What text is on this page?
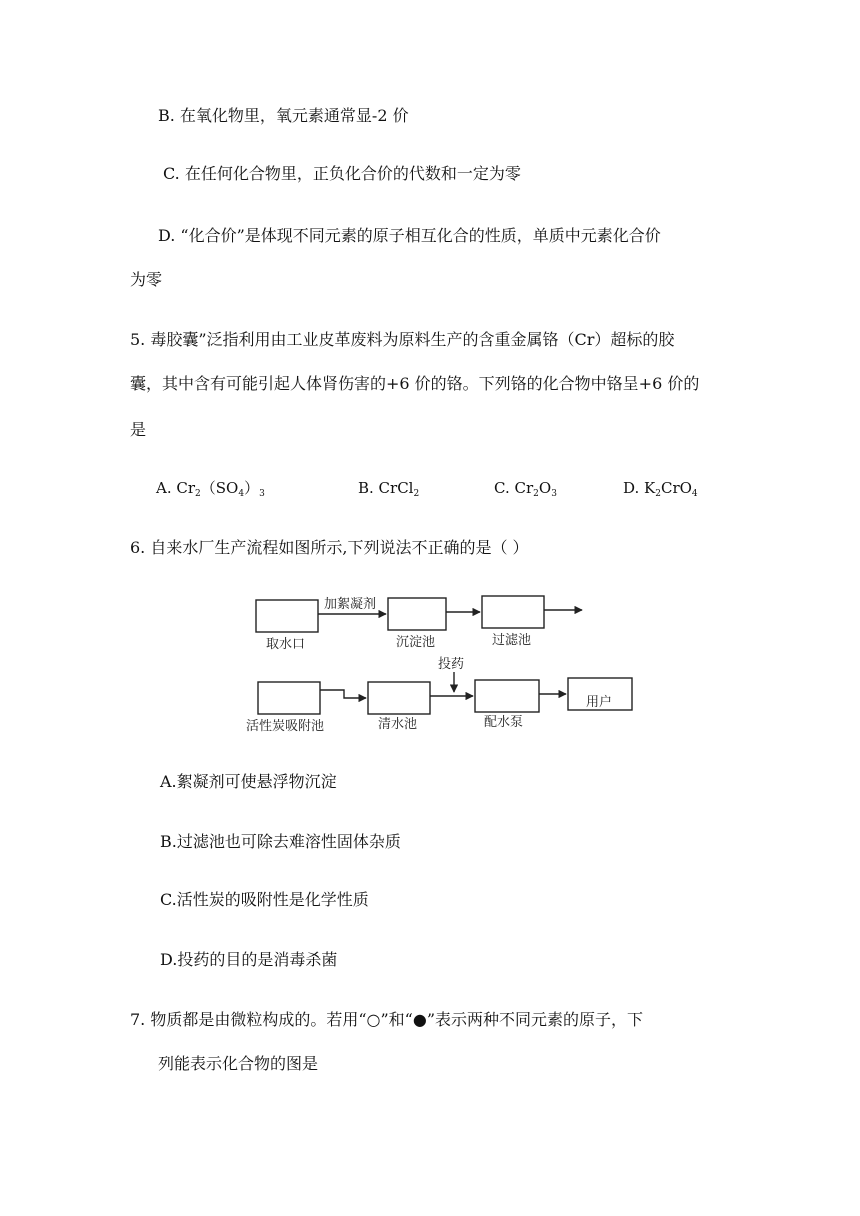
B. 在氧化物里，氧元素通常显-2 价
C. 在任何化合物里，正负化合价的代数和一定为零
D. “化合价”是体现不同元素的原子相互化合的性质，单质中元素化合价
为零
5. 毒胶囊”泛指利用由工业皮革废料为原料生产的含重金属铬（Cr）超标的胶
囊，其中含有可能引起人体肾伤害的+6 价的铬。下列铬的化合物中铬呈+6 价的
是
A. $Cr_2(SO_4)_3$	B. CrCl$_2$	C. $Cr_2O_3$	D. $K_2CrO_4$
6. 自来水厂生产流程如图所示,下列说法不正确的是（ ）
加絮凝剂
取水口	沉淀池	过滤池
投药
活性炭吸附池	清水池	配水泵
用户
A.絮凝剂可使悬浮物沉淀
B.过滤池也可除去难溶性固体杂质
C.活性炭的吸附性是化学性质
D.投药的目的是消毒杀菌
7. 物质都是由微粒构成的。若用“○”和“●”表示两种不同元素的原子，下
列能表示化合物的图是
